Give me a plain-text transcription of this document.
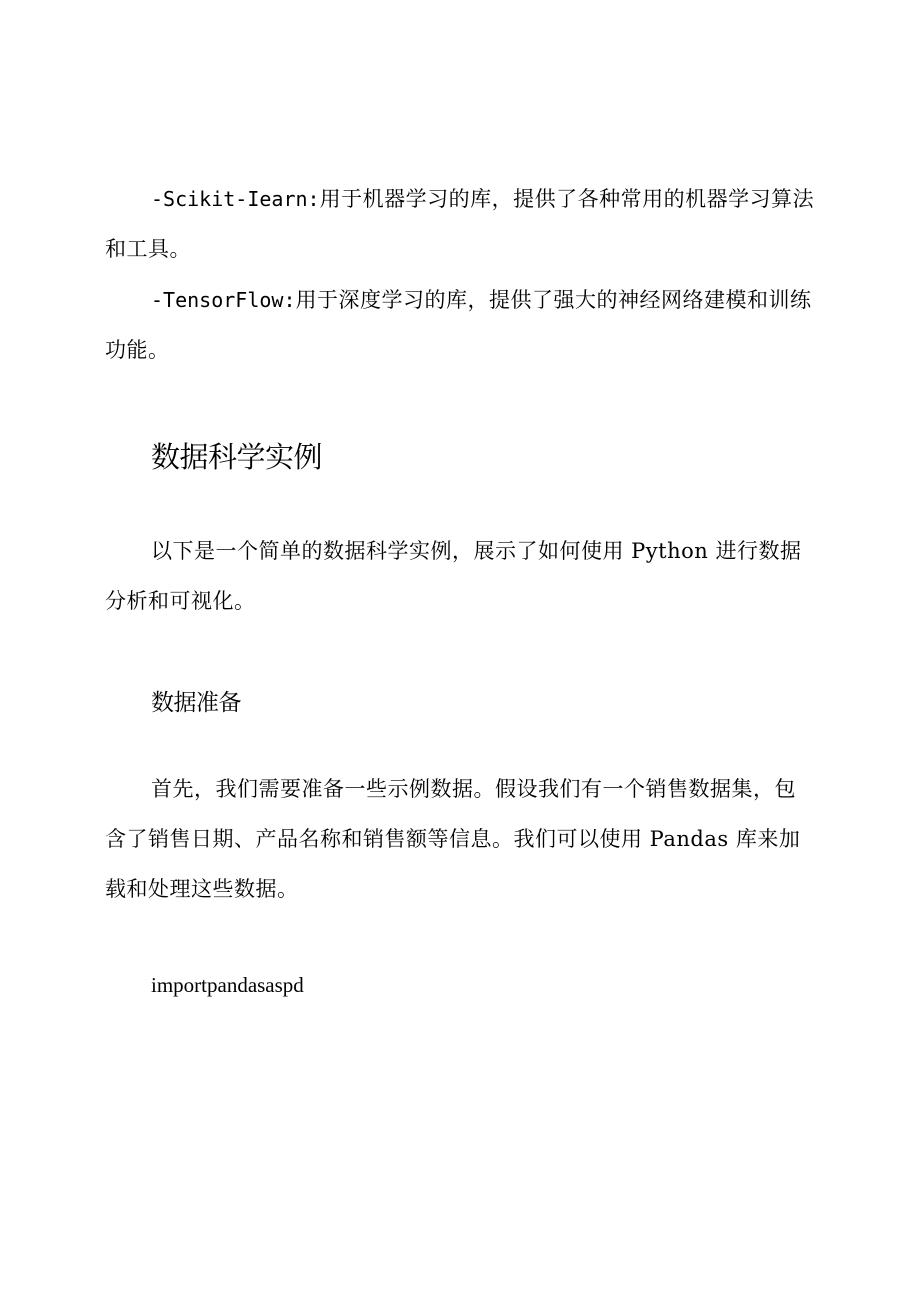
-Scikit-Iearn:用于机器学习的库，提供了各种常用的机器学习算法和工具。

-TensorFlow:用于深度学习的库，提供了强大的神经网络建模和训练功能。

数据科学实例

以下是一个简单的数据科学实例，展示了如何使用 Python 进行数据分析和可视化。

数据准备

首先，我们需要准备一些示例数据。假设我们有一个销售数据集，包含了销售日期、产品名称和销售额等信息。我们可以使用 Pandas 库来加载和处理这些数据。

importpandasaspd
